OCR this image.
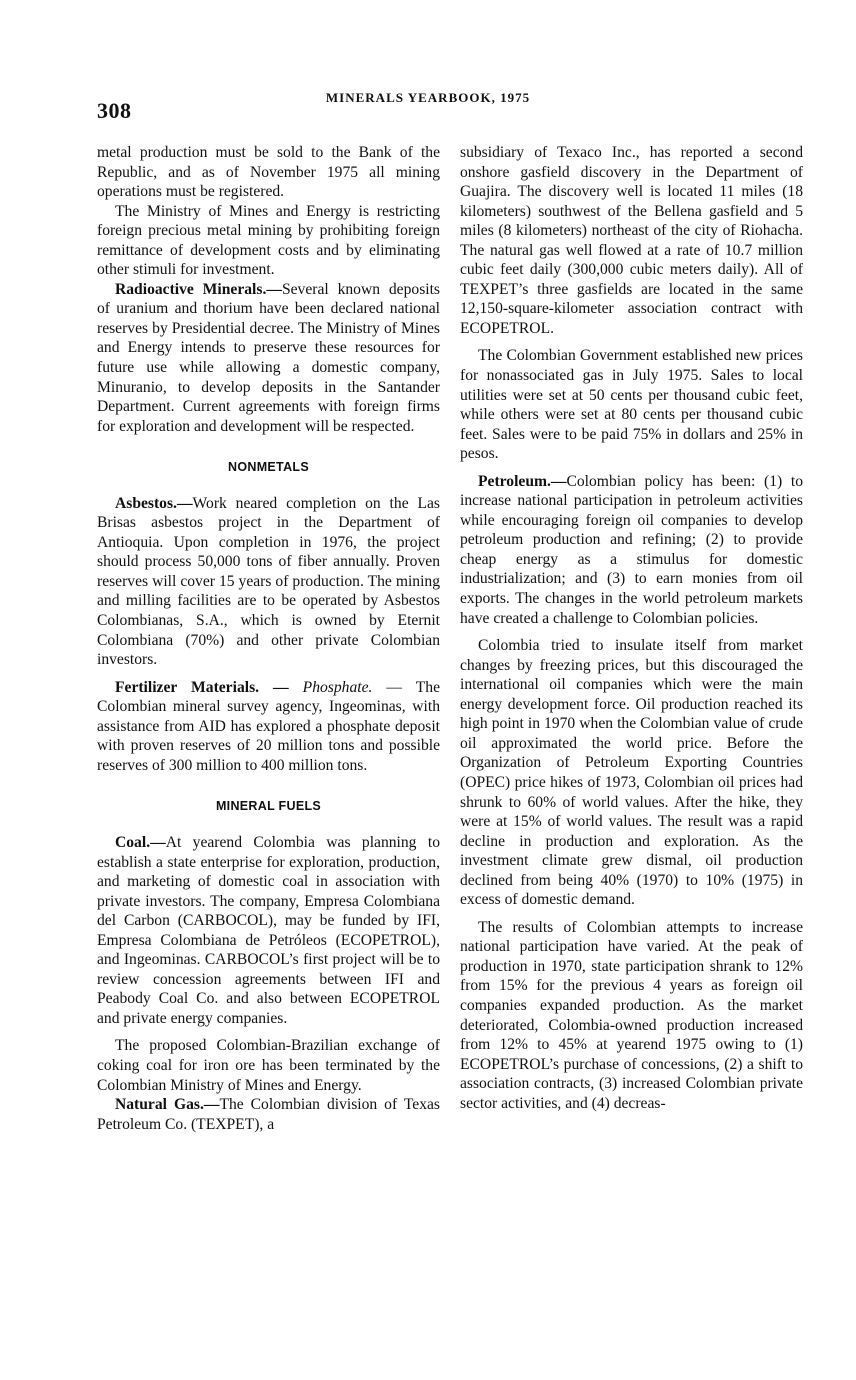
308
MINERALS YEARBOOK, 1975

metal production must be sold to the Bank of the Republic, and as of November 1975 all mining operations must be registered.

The Ministry of Mines and Energy is restricting foreign precious metal mining by prohibiting foreign remittance of development costs and by eliminating other stimuli for investment.

Radioactive Minerals.—Several known deposits of uranium and thorium have been declared national reserves by Presidential decree. The Ministry of Mines and Energy intends to preserve these resources for future use while allowing a domestic company, Minuranio, to develop deposits in the Santander Department. Current agreements with foreign firms for exploration and development will be respected.

NONMETALS

Asbestos.—Work neared completion on the Las Brisas asbestos project in the Department of Antioquia. Upon completion in 1976, the project should process 50,000 tons of fiber annually. Proven reserves will cover 15 years of production. The mining and milling facilities are to be operated by Asbestos Colombianas, S.A., which is owned by Eternit Colombiana (70%) and other private Colombian investors.

Fertilizer Materials. — Phosphate. — The Colombian mineral survey agency, Ingeominas, with assistance from AID has explored a phosphate deposit with proven reserves of 20 million tons and possible reserves of 300 million to 400 million tons.

MINERAL FUELS

Coal.—At yearend Colombia was planning to establish a state enterprise for exploration, production, and marketing of domestic coal in association with private investors. The company, Empresa Colombiana del Carbon (CARBOCOL), may be funded by IFI, Empresa Colombiana de Petróleos (ECOPETROL), and Ingeominas. CARBOCOL’s first project will be to review concession agreements between IFI and Peabody Coal Co. and also between ECOPETROL and private energy companies.

The proposed Colombian-Brazilian exchange of coking coal for iron ore has been terminated by the Colombian Ministry of Mines and Energy.

Natural Gas.—The Colombian division of Texas Petroleum Co. (TEXPET), a

subsidiary of Texaco Inc., has reported a second onshore gasfield discovery in the Department of Guajira. The discovery well is located 11 miles (18 kilometers) southwest of the Bellena gasfield and 5 miles (8 kilometers) northeast of the city of Riohacha. The natural gas well flowed at a rate of 10.7 million cubic feet daily (300,000 cubic meters daily). All of TEXPET’s three gasfields are located in the same 12,150-square-kilometer association contract with ECOPETROL.

The Colombian Government established new prices for nonassociated gas in July 1975. Sales to local utilities were set at 50 cents per thousand cubic feet, while others were set at 80 cents per thousand cubic feet. Sales were to be paid 75% in dollars and 25% in pesos.

Petroleum.—Colombian policy has been: (1) to increase national participation in petroleum activities while encouraging foreign oil companies to develop petroleum production and refining; (2) to provide cheap energy as a stimulus for domestic industrialization; and (3) to earn monies from oil exports. The changes in the world petroleum markets have created a challenge to Colombian policies.

Colombia tried to insulate itself from market changes by freezing prices, but this discouraged the international oil companies which were the main energy development force. Oil production reached its high point in 1970 when the Colombian value of crude oil approximated the world price. Before the Organization of Petroleum Exporting Countries (OPEC) price hikes of 1973, Colombian oil prices had shrunk to 60% of world values. After the hike, they were at 15% of world values. The result was a rapid decline in production and exploration. As the investment climate grew dismal, oil production declined from being 40% (1970) to 10% (1975) in excess of domestic demand.

The results of Colombian attempts to increase national participation have varied. At the peak of production in 1970, state participation shrank to 12% from 15% for the previous 4 years as foreign oil companies expanded production. As the market deteriorated, Colombia-owned production increased from 12% to 45% at yearend 1975 owing to (1) ECOPETROL’s purchase of concessions, (2) a shift to association contracts, (3) increased Colombian private sector activities, and (4) decreas-
